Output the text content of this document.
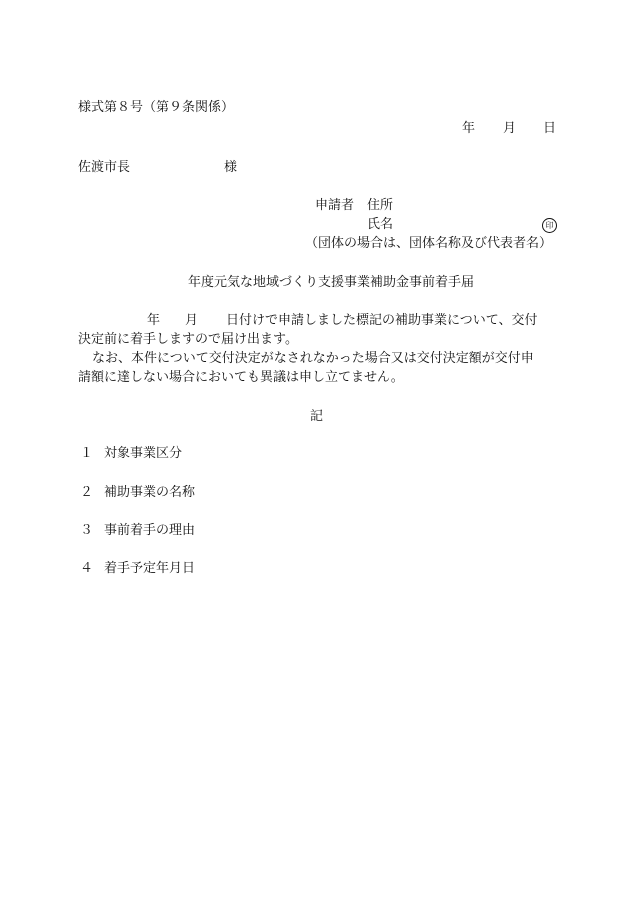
様式第８号（第９条関係）
年 月 日
佐渡市長	様
申請者 住所
氏名	印
（団体の場合は、団体名称及び代表者名）
年度元気な地域づくり支援事業補助金事前着手届
年 月 日付けで申請しました標記の補助事業について、交付
決定前に着手しますので届け出ます。
なお、本件について交付決定がなされなかった場合又は交付決定額が交付申
請額に達しない場合においても異議は申し立てません。
記
１ 対象事業区分
２ 補助事業の名称
３ 事前着手の理由
４ 着手予定年月日
